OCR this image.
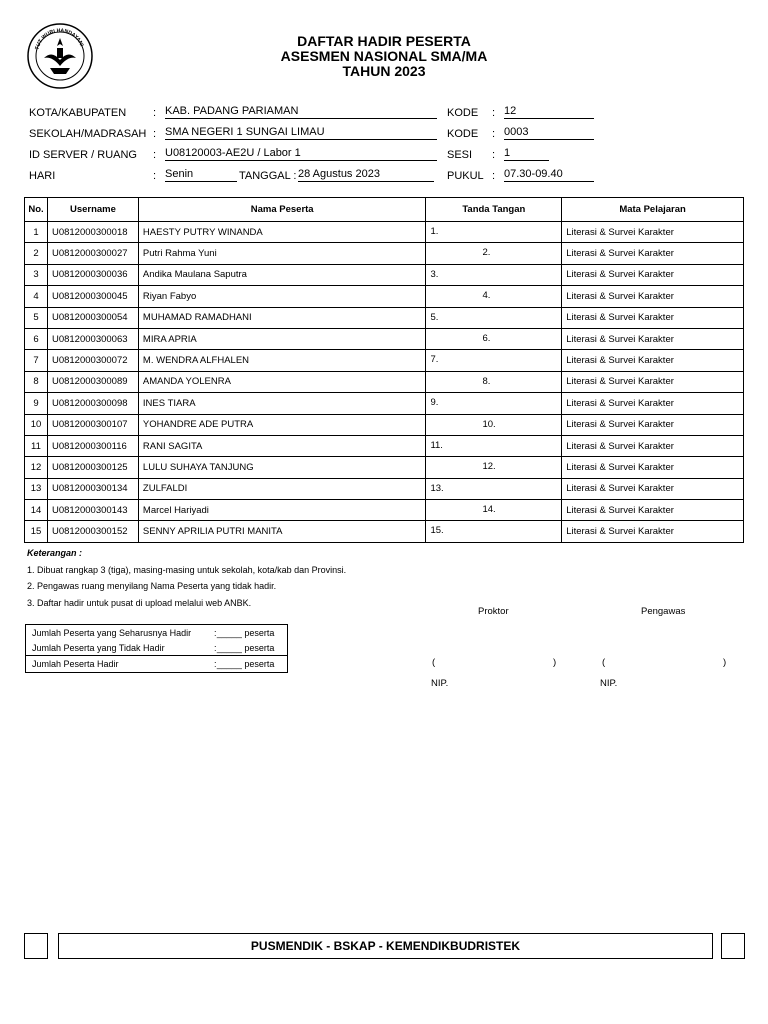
TUT WURI HANDAYANI	DAFTAR HADIR PESERTA
ASESMEN NASIONAL SMA/MA
TAHUN 2023
KOTA/KABUPATEN : KAB. PADANG PARIAMAN	KODE : 12
SEKOLAH/MADRASAH : SMA NEGERI 1 SUNGAI LIMAU	KODE : 0003
ID SERVER / RUANG : U08120003-AE2U / Labor 1	SESI : 1
HARI	: Senin	TANGGAL : 28 Agustus 2023	PUKUL : 07.30-09.40
No.	Username	Nama Peserta	Tanda Tangan	Mata Pelajaran
1	U0812000300018	HAESTY PUTRY WINANDA	1.	Literasi & Survei Karakter
2	U0812000300027	Putri Rahma Yuni	2.	Literasi & Survei Karakter
3	U0812000300036	Andika Maulana Saputra	3.	Literasi & Survei Karakter
4	U0812000300045	Riyan Fabyo	4.	Literasi & Survei Karakter
5	U0812000300054	MUHAMAD RAMADHANI	5.	Literasi & Survei Karakter
6	U0812000300063	MIRA APRIA	6.	Literasi & Survei Karakter
7	U0812000300072	M. WENDRA ALFHALEN	7.	Literasi & Survei Karakter
8	U0812000300089	AMANDA YOLENRA	8.	Literasi & Survei Karakter
9	U0812000300098	INES TIARA	9.	Literasi & Survei Karakter
10	U0812000300107	YOHANDRE ADE PUTRA	10.	Literasi & Survei Karakter
11	U0812000300116	RANI SAGITA	11.	Literasi & Survei Karakter
12	U0812000300125	LULU SUHAYA TANJUNG	12.	Literasi & Survei Karakter
13	U0812000300134	ZULFALDI	13.	Literasi & Survei Karakter
14	U0812000300143	Marcel Hariyadi	14.	Literasi & Survei Karakter
15	U0812000300152	SENNY APRILIA PUTRI MANITA	15.	Literasi & Survei Karakter
Keterangan :
1. Dibuat rangkap 3 (tiga), masing-masing untuk sekolah, kota/kab dan Provinsi.
2. Pengawas ruang menyilang Nama Peserta yang tidak hadir.
3. Daftar hadir untuk pusat di upload melalui web ANBK.
Proktor	Pengawas
(	)	(	)
NIP.	NIP.
Jumlah Peserta yang Seharusnya Hadir	:	_____ peserta
Jumlah Peserta yang Tidak Hadir	:	_____ peserta
Jumlah Peserta Hadir	:	_____ peserta
PUSMENDIK - BSKAP - KEMENDIKBUDRISTEK
